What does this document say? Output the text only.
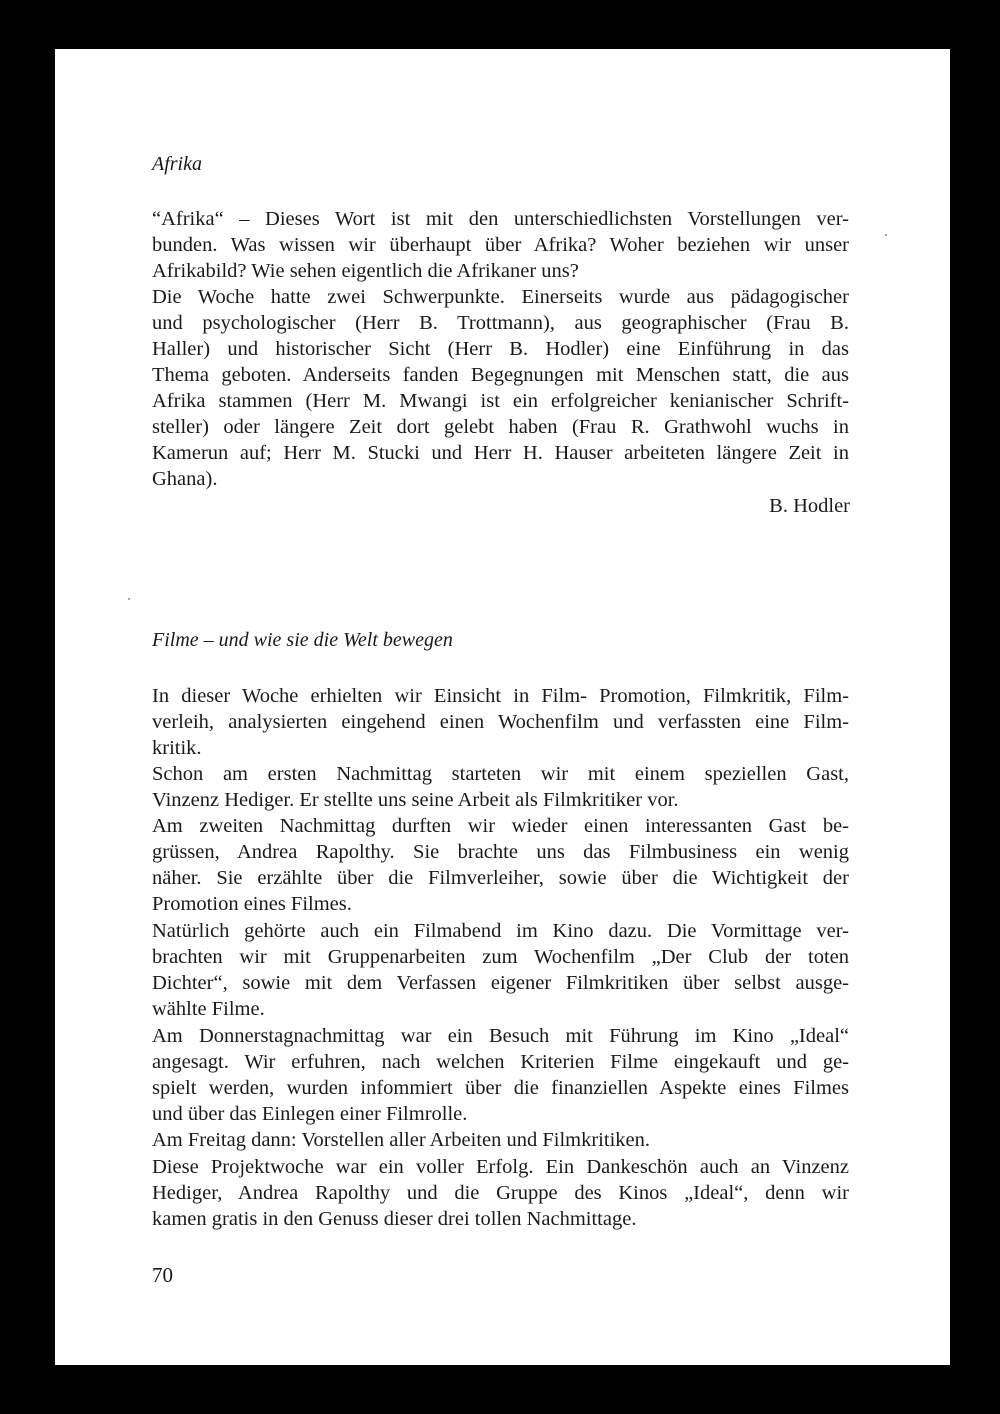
Afrika

“Afrika“ – Dieses Wort ist mit den unterschiedlichsten Vorstellungen ver-

bunden. Was wissen wir überhaupt über Afrika? Woher beziehen wir unser

Afrikabild? Wie sehen eigentlich die Afrikaner uns?

Die Woche hatte zwei Schwerpunkte. Einerseits wurde aus pädagogischer

und psychologischer (Herr B. Trottmann), aus geographischer (Frau B.

Haller) und historischer Sicht (Herr B. Hodler) eine Einführung in das

Thema geboten. Anderseits fanden Begegnungen mit Menschen statt, die aus

Afrika stammen (Herr M. Mwangi ist ein erfolgreicher kenianischer Schrift-

steller) oder längere Zeit dort gelebt haben (Frau R. Grathwohl wuchs in

Kamerun auf; Herr M. Stucki und Herr H. Hauser arbeiteten längere Zeit in

Ghana).

B. Hodler

Filme – und wie sie die Welt bewegen

In dieser Woche erhielten wir Einsicht in Film- Promotion, Filmkritik, Film-

verleih, analysierten eingehend einen Wochenfilm und verfassten eine Film-

kritik.

Schon am ersten Nachmittag starteten wir mit einem speziellen Gast,

Vinzenz Hediger. Er stellte uns seine Arbeit als Filmkritiker vor.

Am zweiten Nachmittag durften wir wieder einen interessanten Gast be-

grüssen, Andrea Rapolthy. Sie brachte uns das Filmbusiness ein wenig

näher. Sie erzählte über die Filmverleiher, sowie über die Wichtigkeit der

Promotion eines Filmes.

Natürlich gehörte auch ein Filmabend im Kino dazu. Die Vormittage ver-

brachten wir mit Gruppenarbeiten zum Wochenfilm „Der Club der toten

Dichter“, sowie mit dem Verfassen eigener Filmkritiken über selbst ausge-

wählte Filme.

Am Donnerstagnachmittag war ein Besuch mit Führung im Kino „Ideal“

angesagt. Wir erfuhren, nach welchen Kriterien Filme eingekauft und ge-

spielt werden, wurden infommiert über die finanziellen Aspekte eines Filmes

und über das Einlegen einer Filmrolle.

Am Freitag dann: Vorstellen aller Arbeiten und Filmkritiken.

Diese Projektwoche war ein voller Erfolg. Ein Dankeschön auch an Vinzenz

Hediger, Andrea Rapolthy und die Gruppe des Kinos „Ideal“, denn wir

kamen gratis in den Genuss dieser drei tollen Nachmittage.

70
